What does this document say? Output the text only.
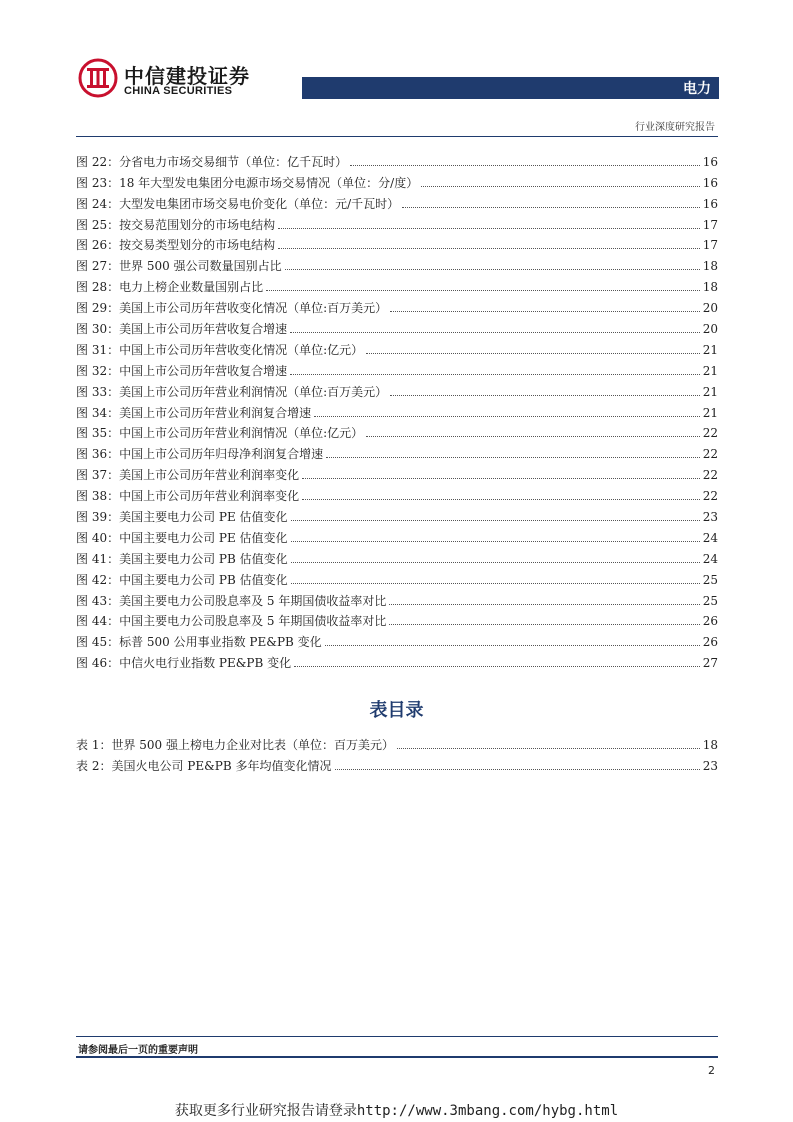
中信建投证券
CHINA SECURITIES	电力
行业深度研究报告
图 22：分省电力市场交易细节（单位：亿千瓦时）	16
图 23：18 年大型发电集团分电源市场交易情况（单位：分/度）	16
图 24：大型发电集团市场交易电价变化（单位：元/千瓦时）	16
图 25：按交易范围划分的市场电结构	17
图 26：按交易类型划分的市场电结构	17
图 27：世界 500 强公司数量国别占比	18
图 28：电力上榜企业数量国别占比	18
图 29：美国上市公司历年营收变化情况（单位:百万美元）	20
图 30：美国上市公司历年营收复合增速	20
图 31：中国上市公司历年营收变化情况（单位:亿元）	21
图 32：中国上市公司历年营收复合增速	21
图 33：美国上市公司历年营业利润情况（单位:百万美元）	21
图 34：美国上市公司历年营业利润复合增速	21
图 35：中国上市公司历年营业利润情况（单位:亿元）	22
图 36：中国上市公司历年归母净利润复合增速	22
图 37：美国上市公司历年营业利润率变化	22
图 38：中国上市公司历年营业利润率变化	22
图 39：美国主要电力公司 PE 估值变化	23
图 40：中国主要电力公司 PE 估值变化	24
图 41：美国主要电力公司 PB 估值变化	24
图 42：中国主要电力公司 PB 估值变化	25
图 43：美国主要电力公司股息率及 5 年期国债收益率对比	25
图 44：中国主要电力公司股息率及 5 年期国债收益率对比	26
图 45：标普 500 公用事业指数 PE&PB 变化	26
图 46：中信火电行业指数 PE&PB 变化	27
表目录
表 1：世界 500 强上榜电力企业对比表（单位：百万美元）	18
表 2：美国火电公司 PE&PB 多年均值变化情况	23
请参阅最后一页的重要声明
2
获取更多行业研究报告请登录http://www.3mbang.com/hybg.html
